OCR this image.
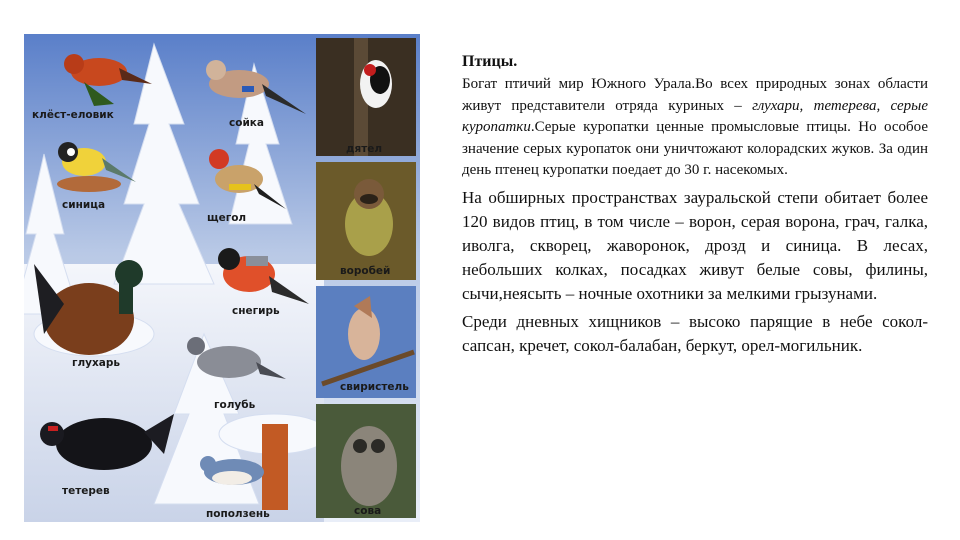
клёст-еловик
сойка
дятел
синица
щегол
воробей
снегирь
глухарь
свиристель
голубь
тетерев
поползень	сова

Птицы.

Богат птичий мир Южного Урала.Во всех природных зонах области живут представители отряда куриных – глухари, тетерева, серые куропатки.Серые куропатки ценные промысловые птицы. Но особое значение серых куропаток они уничтожают колорадских жуков. За один день птенец куропатки поедает до 30 г. насекомых.

На обширных пространствах зауральской степи обитает более 120 видов птиц, в том числе – ворон, серая ворона, грач, галка, иволга, скворец, жаворонок, дрозд и синица. В лесах, небольших колках, посадках живут белые совы, филины, сычи,неясыть – ночные охотники за мелкими грызунами.

Среди дневных хищников – высоко парящие в небе сокол-сапсан, кречет, сокол-балабан, беркут, орел-могильник.
